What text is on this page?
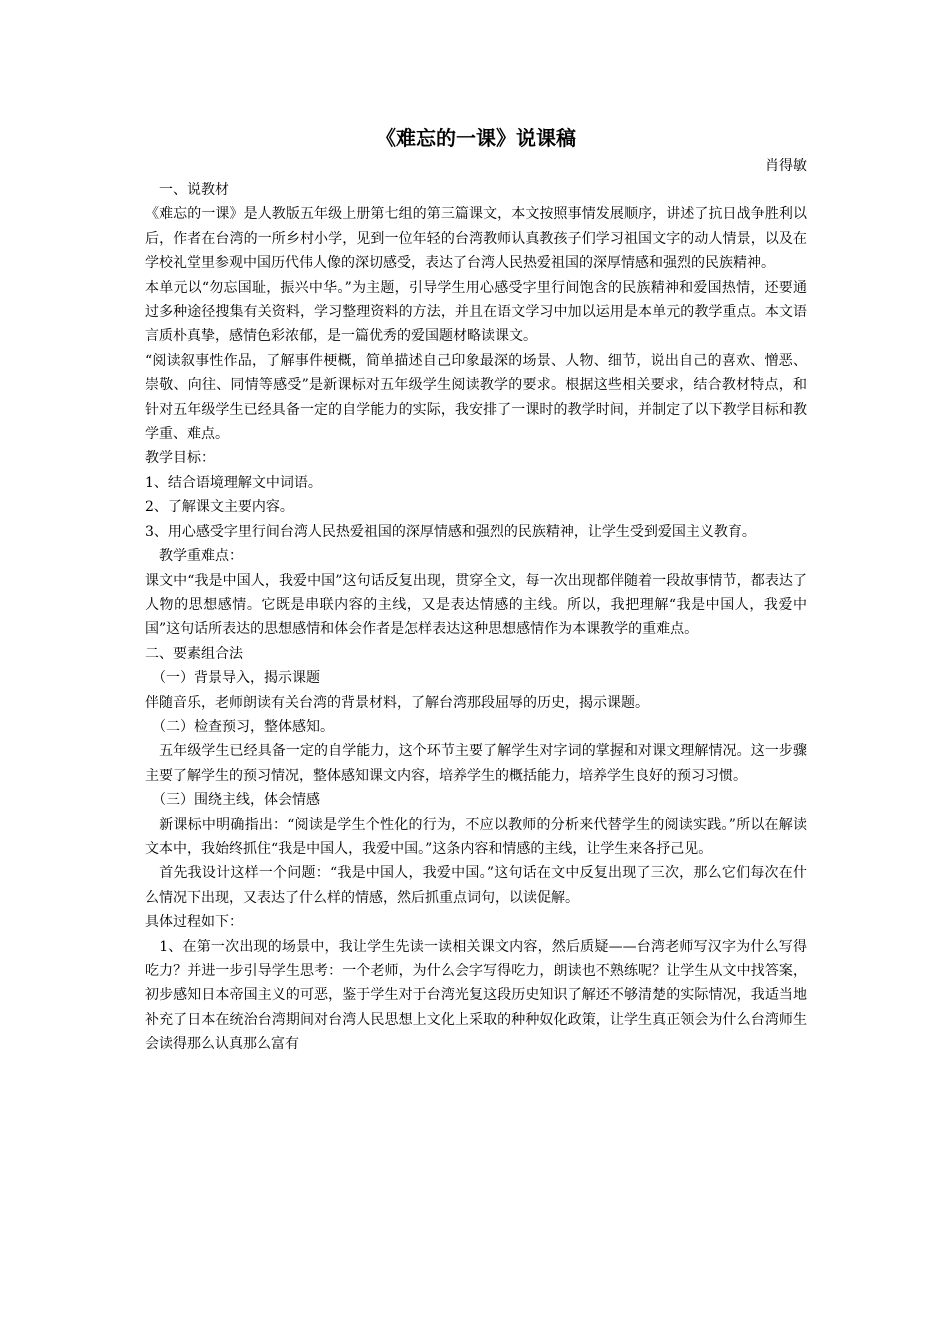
《难忘的一课》说课稿

肖得敏

　一、说教材

《难忘的一课》是人教版五年级上册第七组的第三篇课文，本文按照事情发展顺序，讲述了抗日战争胜利以后，作者在台湾的一所乡村小学，见到一位年轻的台湾教师认真教孩子们学习祖国文字的动人情景，以及在学校礼堂里参观中国历代伟人像的深切感受，表达了台湾人民热爱祖国的深厚情感和强烈的民族精神。

本单元以“勿忘国耻，振兴中华。”为主题，引导学生用心感受字里行间饱含的民族精神和爱国热情，还要通过多种途径搜集有关资料，学习整理资料的方法，并且在语文学习中加以运用是本单元的教学重点。本文语言质朴真挚，感情色彩浓郁，是一篇优秀的爱国题材略读课文。

“阅读叙事性作品，了解事件梗概，简单描述自己印象最深的场景、人物、细节，说出自己的喜欢、憎恶、崇敬、向往、同情等感受”是新课标对五年级学生阅读教学的要求。根据这些相关要求，结合教材特点，和针对五年级学生已经具备一定的自学能力的实际，我安排了一课时的教学时间，并制定了以下教学目标和教学重、难点。

教学目标：

1、结合语境理解文中词语。

2、了解课文主要内容。

3、用心感受字里行间台湾人民热爱祖国的深厚情感和强烈的民族精神，让学生受到爱国主义教育。

　教学重难点：

课文中“我是中国人，我爱中国”这句话反复出现，贯穿全文，每一次出现都伴随着一段故事情节，都表达了人物的思想感情。它既是串联内容的主线，又是表达情感的主线。所以，我把理解“我是中国人，我爱中国”这句话所表达的思想感情和体会作者是怎样表达这种思想感情作为本课教学的重难点。

二、要素组合法

　（一）背景导入，揭示课题

伴随音乐，老师朗读有关台湾的背景材料，了解台湾那段屈辱的历史，揭示课题。

　（二）检查预习，整体感知。

　五年级学生已经具备一定的自学能力，这个环节主要了解学生对字词的掌握和对课文理解情况。这一步骤主要了解学生的预习情况，整体感知课文内容，培养学生的概括能力，培养学生良好的预习习惯。

　（三）围绕主线，体会情感

　新课标中明确指出：“阅读是学生个性化的行为，不应以教师的分析来代替学生的阅读实践。”所以在解读文本中，我始终抓住“我是中国人，我爱中国。”这条内容和情感的主线，让学生来各抒己见。

　首先我设计这样一个问题：“我是中国人，我爱中国。”这句话在文中反复出现了三次，那么它们每次在什么情况下出现，又表达了什么样的情感，然后抓重点词句，以读促解。

具体过程如下：

　1、在第一次出现的场景中，我让学生先读一读相关课文内容，然后质疑——台湾老师写汉字为什么写得吃力？并进一步引导学生思考：一个老师，为什么会字写得吃力，朗读也不熟练呢？让学生从文中找答案，初步感知日本帝国主义的可恶，鉴于学生对于台湾光复这段历史知识了解还不够清楚的实际情况，我适当地补充了日本在统治台湾期间对台湾人民思想上文化上采取的种种奴化政策，让学生真正领会为什么台湾师生会读得那么认真那么富有
